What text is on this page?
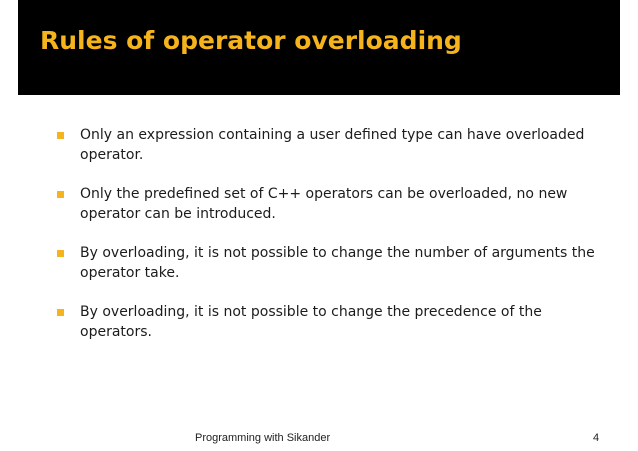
Rules of operator overloading
Only an expression containing a user defined type can have overloaded operator.
Only the predefined set of C++ operators can be overloaded, no new operator can be introduced.
By overloading, it is not possible to change the number of arguments the operator take.
By overloading, it is not possible to change the precedence of the operators.
Programming with Sikander	4
